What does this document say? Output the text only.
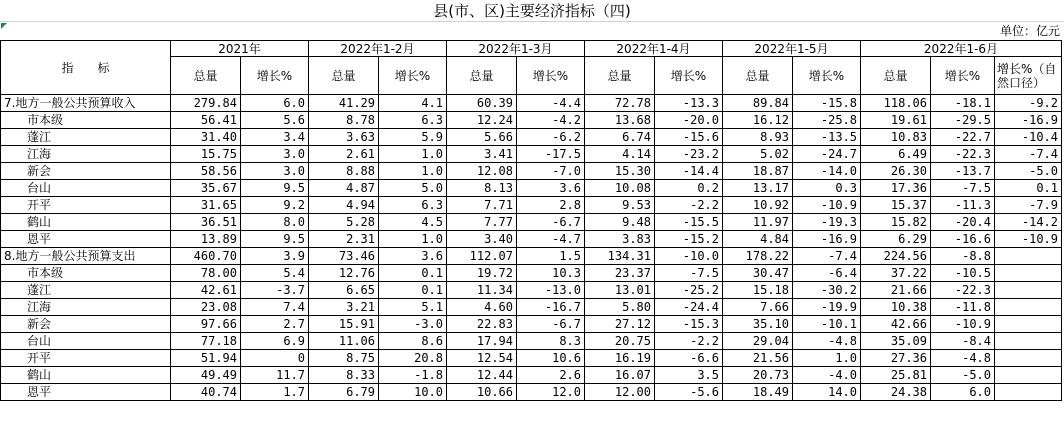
县(市、区)主要经济指标（四)
单位：亿元
指　　标	2021年		2022年1-2月		2022年1-3月		2022年1-4月		2022年1-5月		2022年1-6月		
	总量	增长%	总量	增长%	总量	增长%	总量	增长%	总量	增长%	总量	增长%	增长%（自然口径）
7.地方一般公共预算收入	279.84	6.0	41.29	4.1	60.39	-4.4	72.78	-13.3	89.84	-15.8	118.06	-18.1	-9.2
市本级	56.41	5.6	8.78	6.3	12.24	-4.2	13.68	-20.0	16.12	-25.8	19.61	-29.5	-16.9
蓬江	31.40	3.4	3.63	5.9	5.66	-6.2	6.74	-15.6	8.93	-13.5	10.83	-22.7	-10.4
江海	15.75	3.0	2.61	1.0	3.41	-17.5	4.14	-23.2	5.02	-24.7	6.49	-22.3	-7.4
新会	58.56	3.0	8.88	1.0	12.08	-7.0	15.30	-14.4	18.87	-14.0	26.30	-13.7	-5.0
台山	35.67	9.5	4.87	5.0	8.13	3.6	10.08	0.2	13.17	0.3	17.36	-7.5	0.1
开平	31.65	9.2	4.94	6.3	7.71	2.8	9.53	-2.2	10.92	-10.9	15.37	-11.3	-7.9
鹤山	36.51	8.0	5.28	4.5	7.77	-6.7	9.48	-15.5	11.97	-19.3	15.82	-20.4	-14.2
恩平	13.89	9.5	2.31	1.0	3.40	-4.7	3.83	-15.2	4.84	-16.9	6.29	-16.6	-10.9
8.地方一般公共预算支出	460.70	3.9	73.46	3.6	112.07	1.5	134.31	-10.0	178.22	-7.4	224.56	-8.8	
市本级	78.00	5.4	12.76	0.1	19.72	10.3	23.37	-7.5	30.47	-6.4	37.22	-10.5	
蓬江	42.61	-3.7	6.65	0.1	11.34	-13.0	13.01	-25.2	15.18	-30.2	21.66	-22.3	
江海	23.08	7.4	3.21	5.1	4.60	-16.7	5.80	-24.4	7.66	-19.9	10.38	-11.8	
新会	97.66	2.7	15.91	-3.0	22.83	-6.7	27.12	-15.3	35.10	-10.1	42.66	-10.9	
台山	77.18	6.9	11.06	8.6	17.94	8.3	20.75	-2.2	29.04	-4.8	35.09	-8.4	
开平	51.94	0	8.75	20.8	12.54	10.6	16.19	-6.6	21.56	1.0	27.36	-4.8	
鹤山	49.49	11.7	8.33	-1.8	12.44	2.6	16.07	3.5	20.73	-4.0	25.81	-5.0	
恩平	40.74	1.7	6.79	10.0	10.66	12.0	12.00	-5.6	18.49	14.0	24.38	6.0	
